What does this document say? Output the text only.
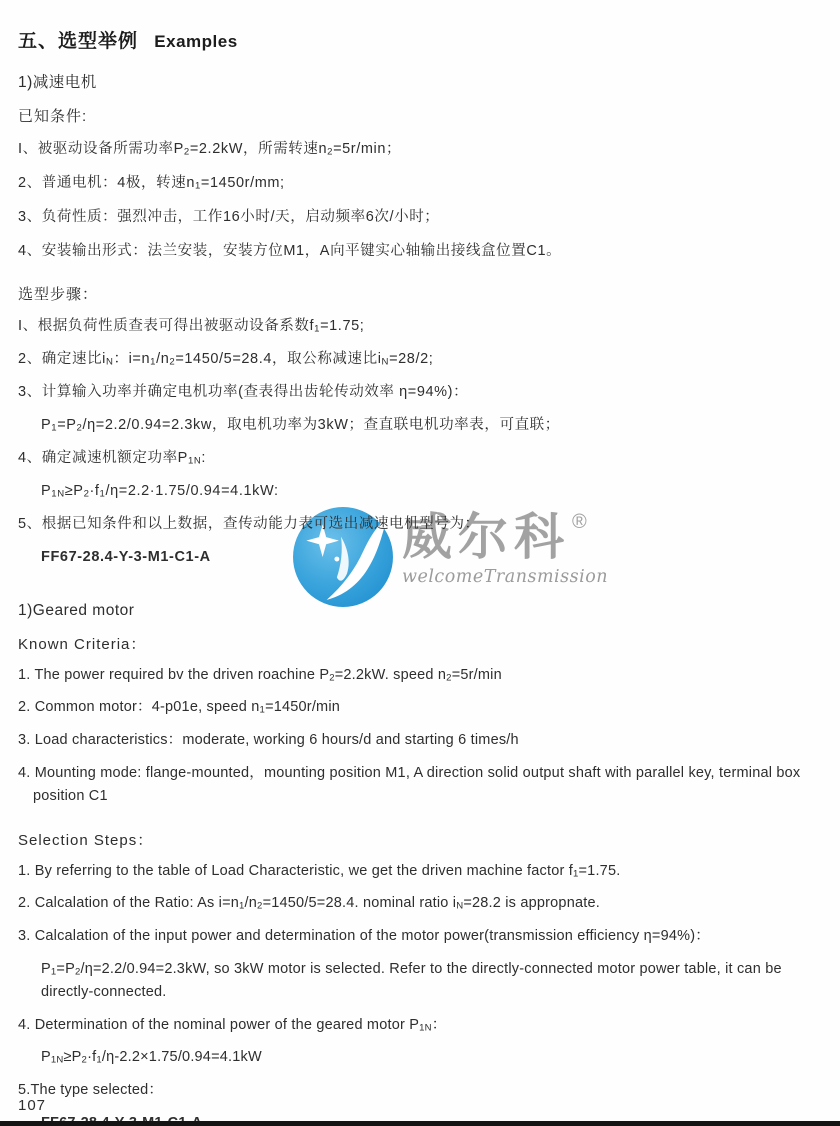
威尔科 ®
welcomeTransmission
五、选型举例 Examples
1)减速电机
已知条件:

I、被驱动设备所需功率$P_2=2.2kW$，所需转速$n_2=5r/\min$；

2、普通电机：4极，转速$n_1=1450r/mm$;

3、负荷性质：强烈冲击，工作16小时/天，启动频率6次/小时；

4、安装输出形式：法兰安装，安装方位M1，A向平键实心轴输出接线盒位置C1。

选型步骤：

I、根据负荷性质查表可得出被驱动设备系数$f_1=1.75$;

2、确定速比$i_N$：$i=n_1/n_2=1450/5=28.4$，取公称减速比$i_N=28/2$;

3、计算输入功率并确定电机功率(查表得出齿轮传动效率 η=94%)：

$P_1=P_2/\eta=2.2/0.94=2.3kw$，取电机功率为3kW；查直联电机功率表，可直联；

4、确定减速机额定功率$P_{1N}$:

$P_{1N}\ge P_2\cdot f_1/\eta=2.2\cdot 1.75/0.94=4.1kW$:

5、根据已知条件和以上数据，查传动能力表可选出减速电机型号为：

FF67-28.4-Y-3-M1-C1-A

1)Geared motor
Known Criteria：

1. The power required bv the driven roachine $P_2=2.2kW$. speed $n_2=5r/\min$

2. Common motor：4-p01e, speed $n_1=1450r/\min$

3. Load characteristics：moderate, working 6 hours/d and starting 6 times/h

4. Mounting mode: flange-mounted，mounting position M1, A direction solid output shaft with parallel key, terminal box position C1

Selection Steps：

1. By referring to the table of Load Characteristic, we get the driven machine factor $f_1=1.75$.

2. Calcalation of the Ratio: As $i=n_1/n_2=1450/5=28.4$. nominal ratio $i_N=28.2$ is appropnate.

3. Calcalation of the input power and determination of the motor power(transmission efficiency η=94%)：

$P_1=P_2/\eta=2.2/0.94=2.3kW$, so 3kW motor is selected. Refer to the directly-connected motor power table, it can be directly-connected.

4. Determination of the nominal power of the geared motor $P_{1N}$：

$P_{1N}\ge P_2\cdot f_1/\eta-2.2\times 1.75/0.94=4.1kW$

5.The type selected：

107
